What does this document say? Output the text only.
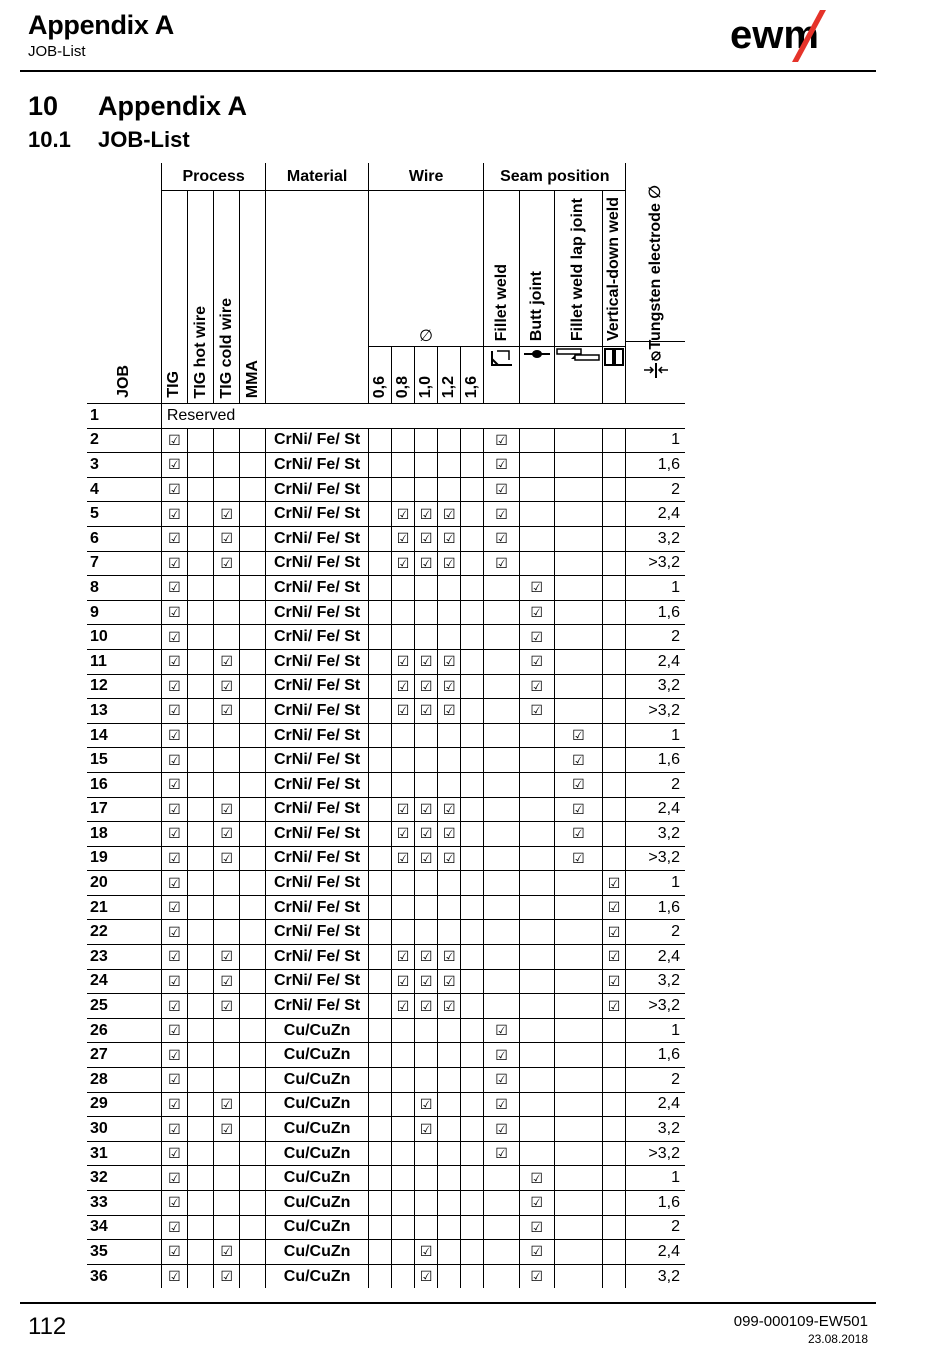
Appendix A
JOB-List	ewm
10 Appendix A
10.1 JOB-List
	Process				Material	Wire					Seam position				Tungsten electrode ∅

JOB	TIG	TIG hot wire	TIG cold wire	MMA		∅					Fillet weld	Butt joint	Fillet weld lap joint	Vertical-down weld	
						0,6	0,8	1,0	1,2	1,6				
1	Reserved														
2	☑				CrNi/ Fe/ St						☑				1
3	☑				CrNi/ Fe/ St						☑				1,6
4	☑				CrNi/ Fe/ St						☑				2
5	☑		☑		CrNi/ Fe/ St		☑	☑	☑		☑				2,4
6	☑		☑		CrNi/ Fe/ St		☑	☑	☑		☑				3,2
7	☑		☑		CrNi/ Fe/ St		☑	☑	☑		☑				>3,2
8	☑				CrNi/ Fe/ St							☑			1
9	☑				CrNi/ Fe/ St							☑			1,6
10	☑				CrNi/ Fe/ St							☑			2
11	☑		☑		CrNi/ Fe/ St		☑	☑	☑			☑			2,4
12	☑		☑		CrNi/ Fe/ St		☑	☑	☑			☑			3,2
13	☑		☑		CrNi/ Fe/ St		☑	☑	☑			☑			>3,2
14	☑				CrNi/ Fe/ St								☑		1
15	☑				CrNi/ Fe/ St								☑		1,6
16	☑				CrNi/ Fe/ St								☑		2
17	☑		☑		CrNi/ Fe/ St		☑	☑	☑				☑		2,4
18	☑		☑		CrNi/ Fe/ St		☑	☑	☑				☑		3,2
19	☑		☑		CrNi/ Fe/ St		☑	☑	☑				☑		>3,2
20	☑				CrNi/ Fe/ St									☑	1
21	☑				CrNi/ Fe/ St									☑	1,6
22	☑				CrNi/ Fe/ St									☑	2
23	☑		☑		CrNi/ Fe/ St		☑	☑	☑					☑	2,4
24	☑		☑		CrNi/ Fe/ St		☑	☑	☑					☑	3,2
25	☑		☑		CrNi/ Fe/ St		☑	☑	☑					☑	>3,2
26	☑				Cu/CuZn						☑				1
27	☑				Cu/CuZn						☑				1,6
28	☑				Cu/CuZn						☑				2
29	☑		☑		Cu/CuZn			☑			☑				2,4
30	☑		☑		Cu/CuZn			☑			☑				3,2
31	☑				Cu/CuZn						☑				>3,2
32	☑				Cu/CuZn							☑			1
33	☑				Cu/CuZn							☑			1,6
34	☑				Cu/CuZn							☑			2
35	☑		☑		Cu/CuZn			☑				☑			2,4
36	☑		☑		Cu/CuZn			☑				☑			3,2
112	099-000109-EW501
23.08.2018
